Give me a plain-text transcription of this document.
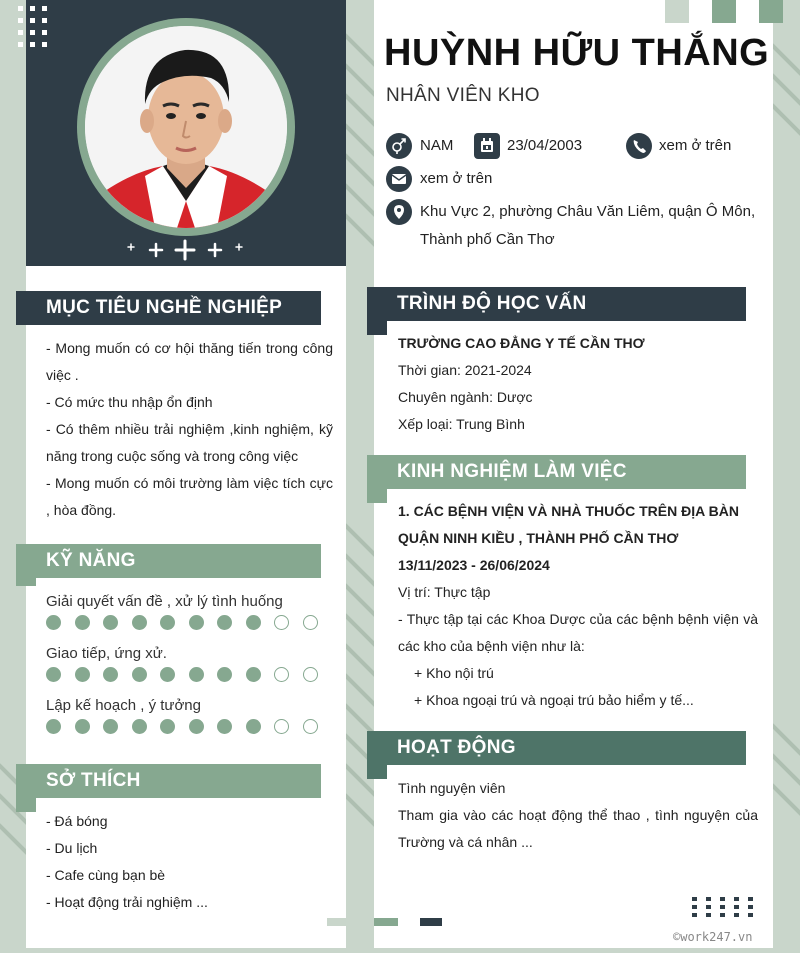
HUỲNH HỮU THẮNG
NHÂN VIÊN KHO
NAM	23/04/2003	xem ở trên
xem ở trên
Khu Vực 2, phường Châu Văn Liêm, quận Ô Môn,
Thành phố Cần Thơ
MỤC TIÊU NGHỀ NGHIỆP

- Mong muốn có cơ hội thăng tiến trong công việc .

- Có mức thu nhập ổn định

- Có thêm nhiều trải nghiệm ,kinh nghiệm, kỹ năng trong cuộc sống và trong công việc

- Mong muốn có môi trường làm việc tích cực , hòa đồng.

KỸ NĂNG
Giải quyết vấn đề , xử lý tình huống
Giao tiếp, ứng xử.
Lập kế hoạch , ý tưởng
SỞ THÍCH

- Đá bóng

- Du lịch

- Cafe cùng bạn bè

- Hoạt động trải nghiệm ...

TRÌNH ĐỘ HỌC VẤN
TRƯỜNG CAO ĐẲNG Y TẾ CẦN THƠ
Thời gian: 2021-2024
Chuyên ngành: Dược
Xếp loại: Trung Bình
KINH NGHIỆM LÀM VIỆC
1. CÁC BỆNH VIỆN VÀ NHÀ THUỐC TRÊN ĐỊA BÀN
QUẬN NINH KIỀU , THÀNH PHỐ CẦN THƠ
13/11/2023 - 26/06/2024
Vị trí: Thực tập
- Thực tập tại các Khoa Dược của các bệnh bệnh viện và các kho của bệnh viện như là:
+ Kho nội trú
+ Khoa ngoại trú và ngoại trú bảo hiểm y tế...
HOẠT ĐỘNG
Tình nguyện viên
Tham gia vào các hoạt động thể thao , tình nguyện của Trường và cá nhân ...
©work247.vn
